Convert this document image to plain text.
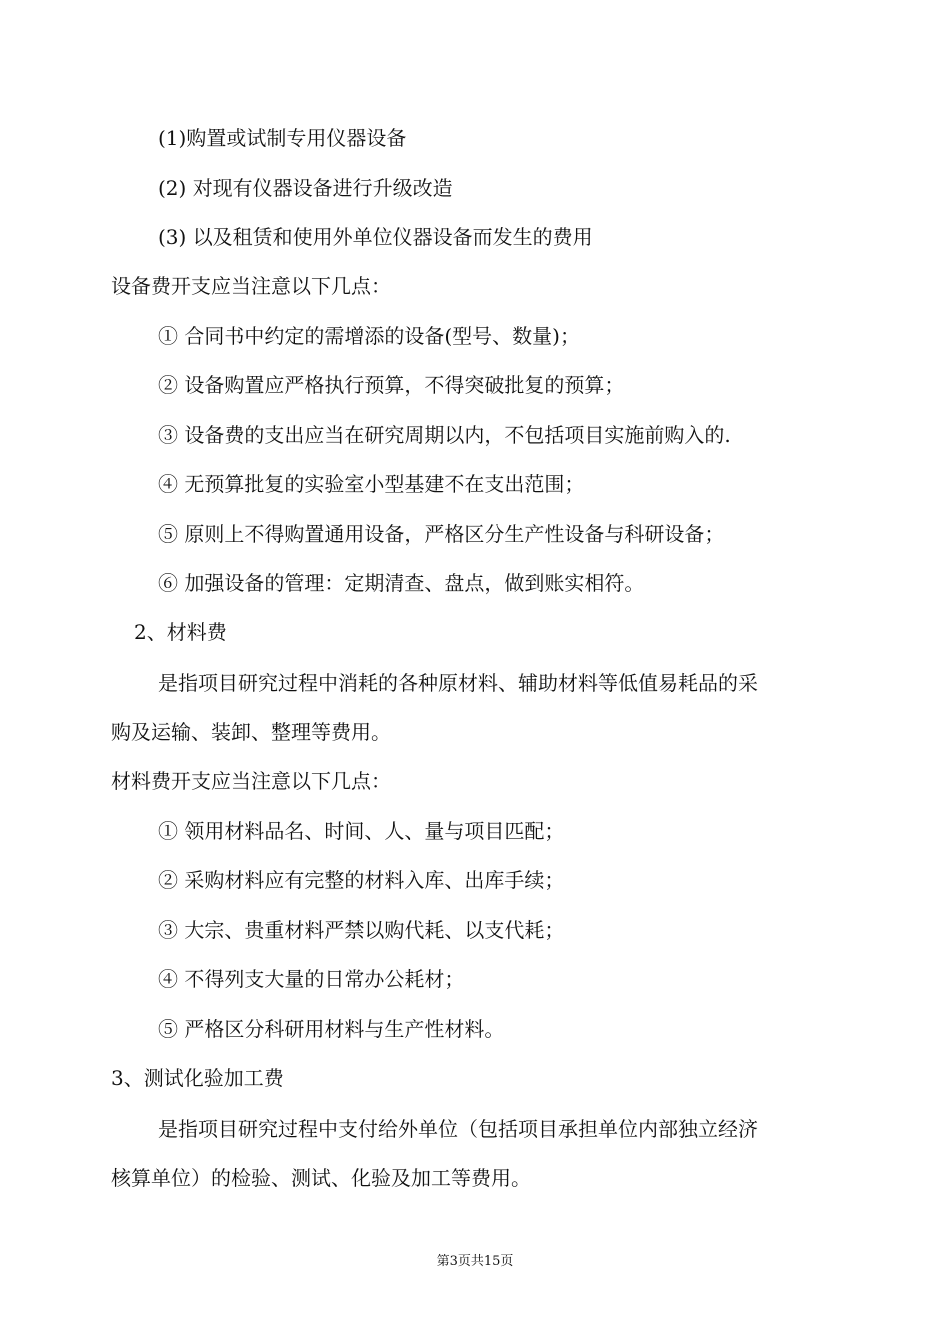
(1)购置或试制专用仪器设备
(2) 对现有仪器设备进行升级改造
(3) 以及租赁和使用外单位仪器设备而发生的费用
设备费开支应当注意以下几点：
① 合同书中约定的需增添的设备(型号、数量)；
② 设备购置应严格执行预算，不得突破批复的预算；
③ 设备费的支出应当在研究周期以内，不包括项目实施前购入的.
④ 无预算批复的实验室小型基建不在支出范围；
⑤ 原则上不得购置通用设备，严格区分生产性设备与科研设备；
⑥ 加强设备的管理：定期清查、盘点，做到账实相符。
2、材料费
是指项目研究过程中消耗的各种原材料、辅助材料等低值易耗品的采
购及运输、装卸、整理等费用。
材料费开支应当注意以下几点：
① 领用材料品名、时间、人、量与项目匹配；
② 采购材料应有完整的材料入库、出库手续；
③ 大宗、贵重材料严禁以购代耗、以支代耗；
④ 不得列支大量的日常办公耗材；
⑤ 严格区分科研用材料与生产性材料。
3、测试化验加工费
是指项目研究过程中支付给外单位（包括项目承担单位内部独立经济
核算单位）的检验、测试、化验及加工等费用。
第3页共15页
